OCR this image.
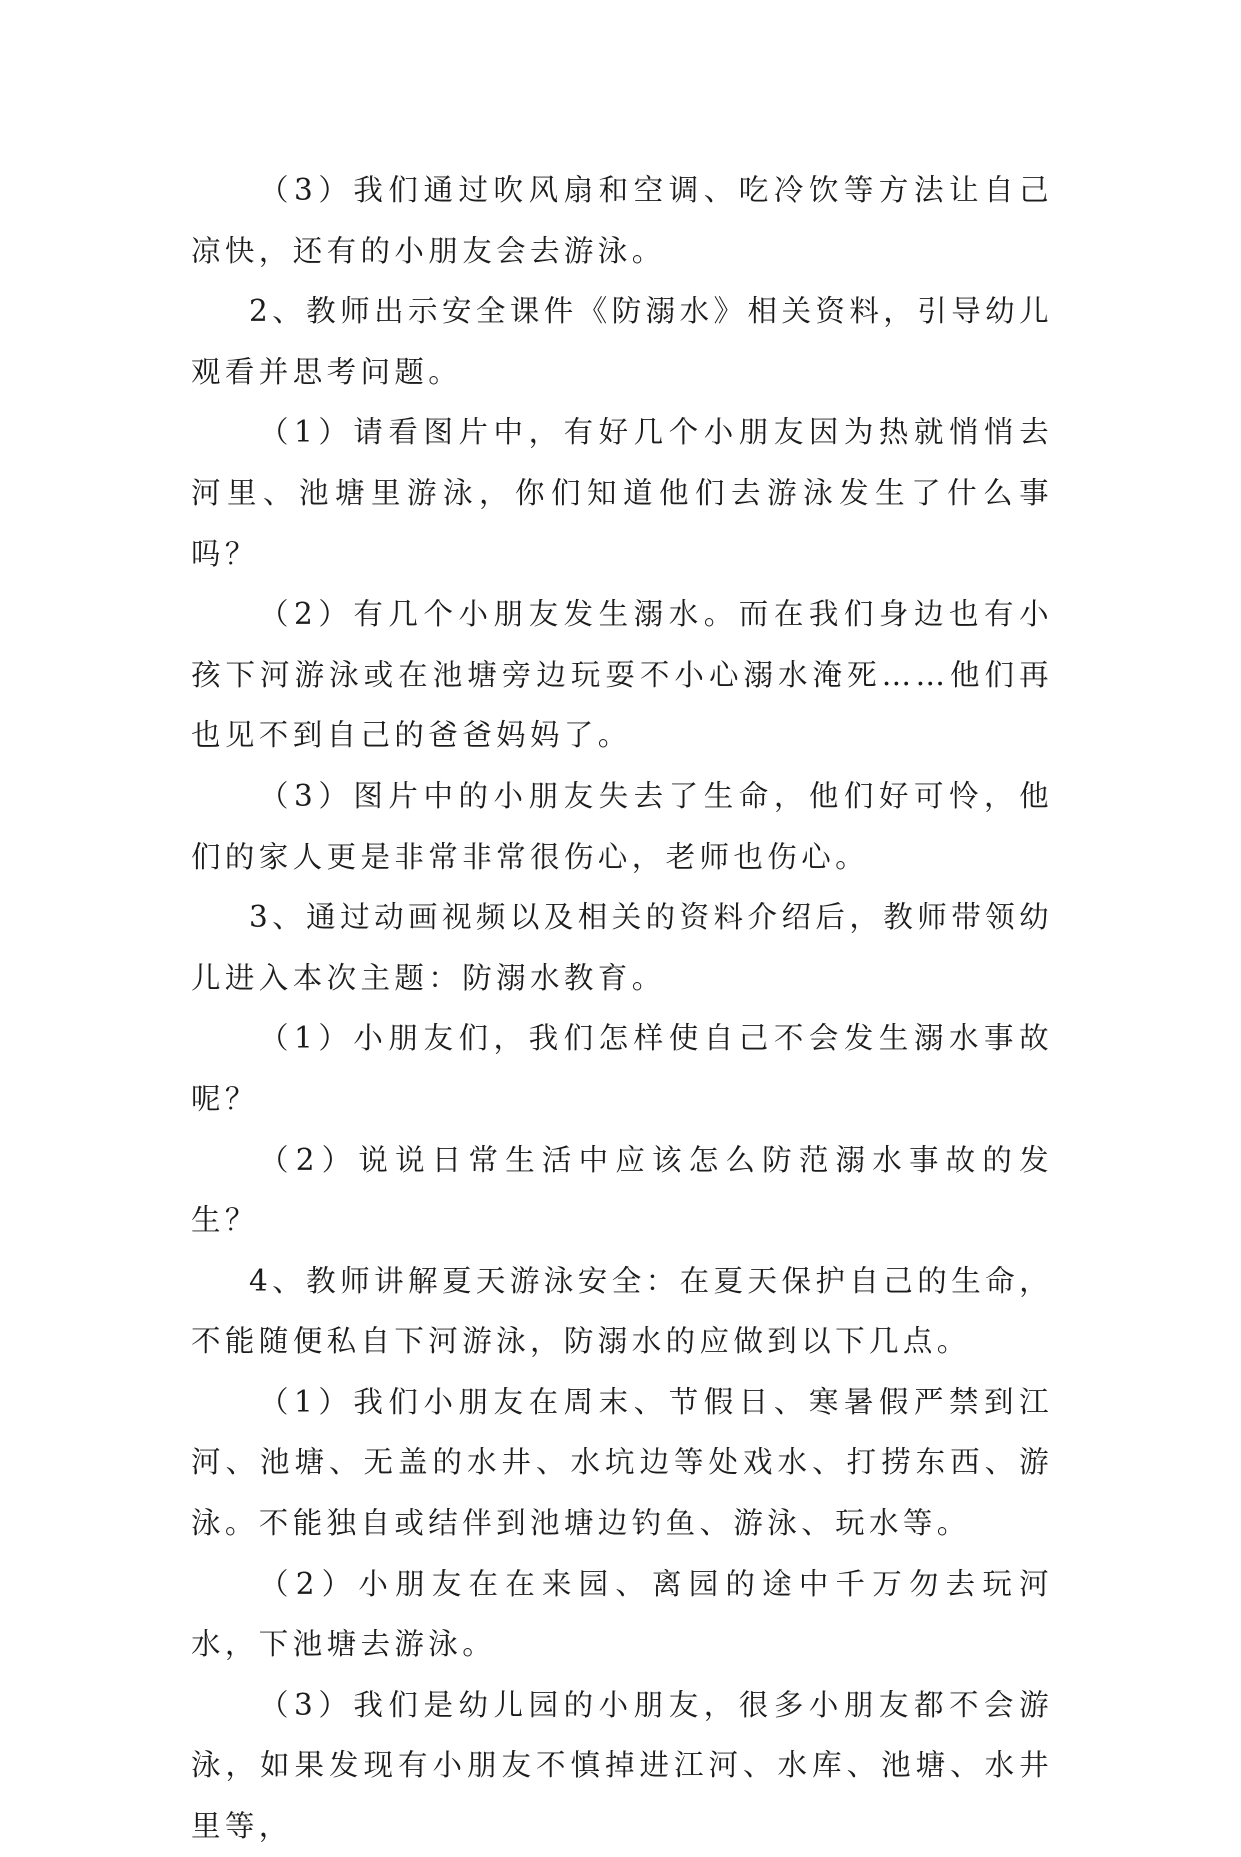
（3）我们通过吹风扇和空调、吃冷饮等方法让自己凉快，还有的小朋友会去游泳。

2、教师出示安全课件《防溺水》相关资料，引导幼儿观看并思考问题。

（1）请看图片中，有好几个小朋友因为热就悄悄去河里、池塘里游泳，你们知道他们去游泳发生了什么事吗？

（2）有几个小朋友发生溺水。而在我们身边也有小孩下河游泳或在池塘旁边玩耍不小心溺水淹死……他们再也见不到自己的爸爸妈妈了。

（3）图片中的小朋友失去了生命，他们好可怜，他们的家人更是非常非常很伤心，老师也伤心。

3、通过动画视频以及相关的资料介绍后，教师带领幼儿进入本次主题：防溺水教育。

（1）小朋友们，我们怎样使自己不会发生溺水事故呢？

（2）说说日常生活中应该怎么防范溺水事故的发生？

4、教师讲解夏天游泳安全：在夏天保护自己的生命，不能随便私自下河游泳，防溺水的应做到以下几点。

（1）我们小朋友在周末、节假日、寒暑假严禁到江河、池塘、无盖的水井、水坑边等处戏水、打捞东西、游泳。不能独自或结伴到池塘边钓鱼、游泳、玩水等。

（2）小朋友在在来园、离园的途中千万勿去玩河水，下池塘去游泳。

（3）我们是幼儿园的小朋友，很多小朋友都不会游泳，如果发现有小朋友不慎掉进江河、水库、池塘、水井里等，
